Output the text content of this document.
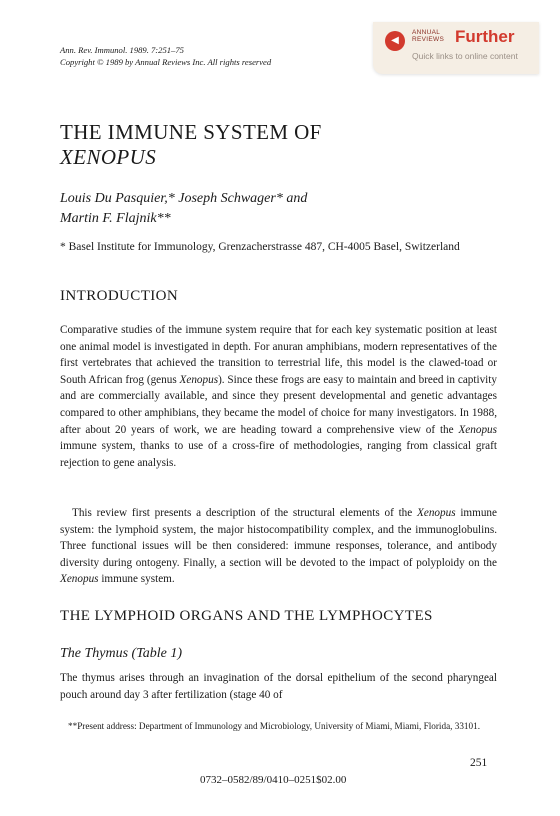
Ann. Rev. Immunol. 1989. 7:251–75
Copyright © 1989 by Annual Reviews Inc. All rights reserved
◀
ANNUAL
REVIEWS Further
Quick links to online content
THE IMMUNE SYSTEM OF
XENOPUS
Louis Du Pasquier,* Joseph Schwager* and
Martin F. Flajnik**
* Basel Institute for Immunology, Grenzacherstrasse 487, CH-4005 Basel, Switzerland
INTRODUCTION

Comparative studies of the immune system require that for each key systematic position at least one animal model is investigated in depth. For anuran amphibians, modern representatives of the first vertebrates that achieved the transition to terrestrial life, this model is the clawed-toad or South African frog (genus Xenopus). Since these frogs are easy to maintain and breed in captivity and are commercially available, and since they present developmental and genetic advantages compared to other amphibians, they became the model of choice for many investigators. In 1988, after about 20 years of work, we are heading toward a comprehensive view of the Xenopus immune system, thanks to use of a cross-fire of methodologies, ranging from classical graft rejection to gene analysis.

This review first presents a description of the structural elements of the Xenopus immune system: the lymphoid system, the major histocompatibility complex, and the immunoglobulins. Three functional issues will be then considered: immune responses, tolerance, and antibody diversity during ontogeny. Finally, a section will be devoted to the impact of polyploidy on the Xenopus immune system.

THE LYMPHOID ORGANS AND THE LYMPHOCYTES
The Thymus (Table 1)

The thymus arises through an invagination of the dorsal epithelium of the second pharyngeal pouch around day 3 after fertilization (stage 40 of

**Present address: Department of Immunology and Microbiology, University of Miami, Miami, Florida, 33101.
251
0732–0582/89/0410–0251$02.00
